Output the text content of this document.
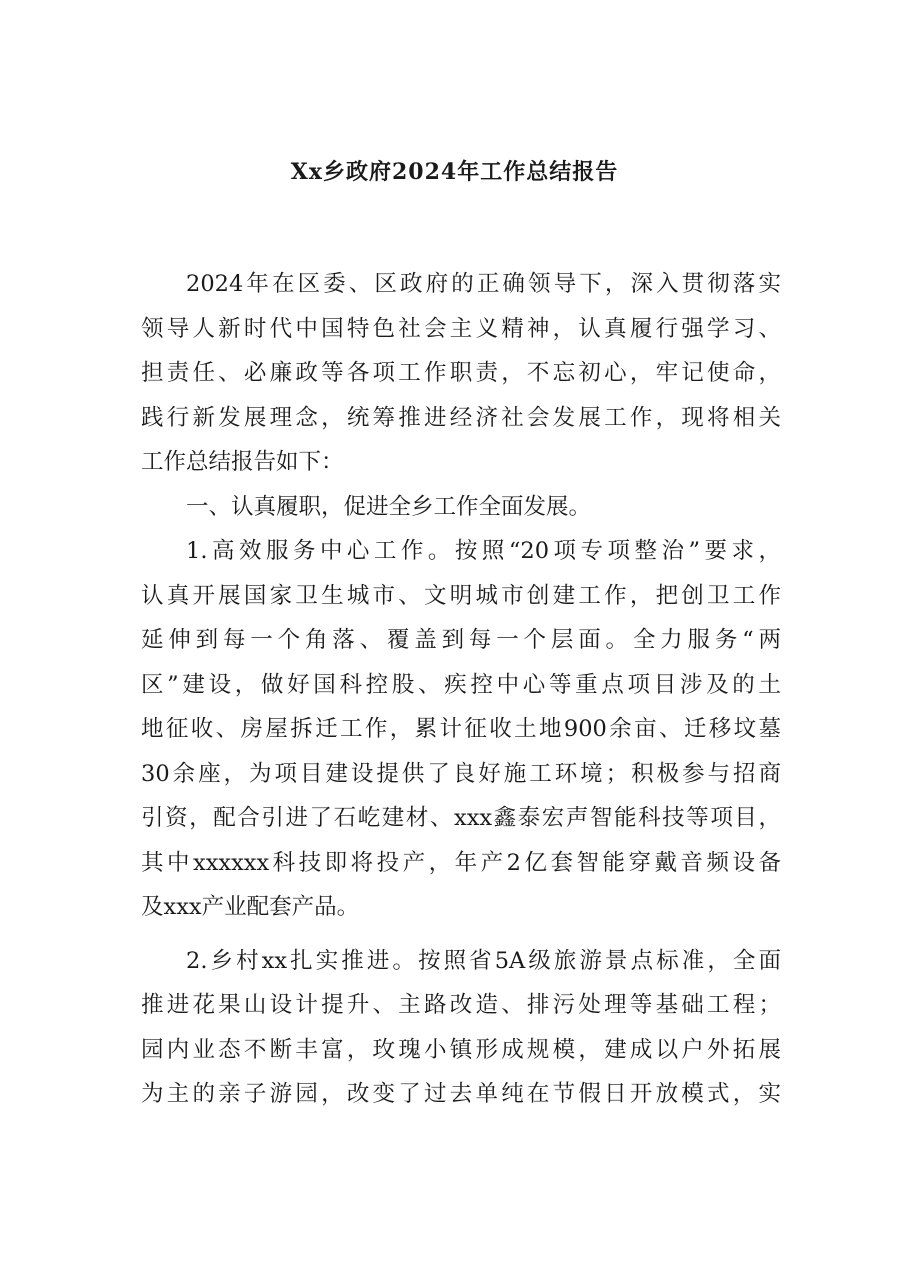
Xx乡政府2024年工作总结报告
2024年在区委、区政府的正确领导下，深入贯彻落实
领导人新时代中国特色社会主义精神，认真履行强学习、
担责任、必廉政等各项工作职责，不忘初心，牢记使命，
践行新发展理念，统筹推进经济社会发展工作，现将相关
工作总结报告如下：
一、认真履职，促进全乡工作全面发展。
1.高效服务中心工作。按照“20项专项整治”要求，
认真开展国家卫生城市、文明城市创建工作，把创卫工作
延伸到每一个角落、覆盖到每一个层面。全力服务“两
区”建设，做好国科控股、疾控中心等重点项目涉及的土
地征收、房屋拆迁工作，累计征收土地900余亩、迁移坟墓
30余座，为项目建设提供了良好施工环境；积极参与招商
引资，配合引进了石屹建材、xxx鑫泰宏声智能科技等项目，
其中xxxxxx科技即将投产，年产2亿套智能穿戴音频设备
及xxx产业配套产品。
2.乡村xx扎实推进。按照省5A级旅游景点标准，全面
推进花果山设计提升、主路改造、排污处理等基础工程；
园内业态不断丰富，玫瑰小镇形成规模，建成以户外拓展
为主的亲子游园，改变了过去单纯在节假日开放模式，实
